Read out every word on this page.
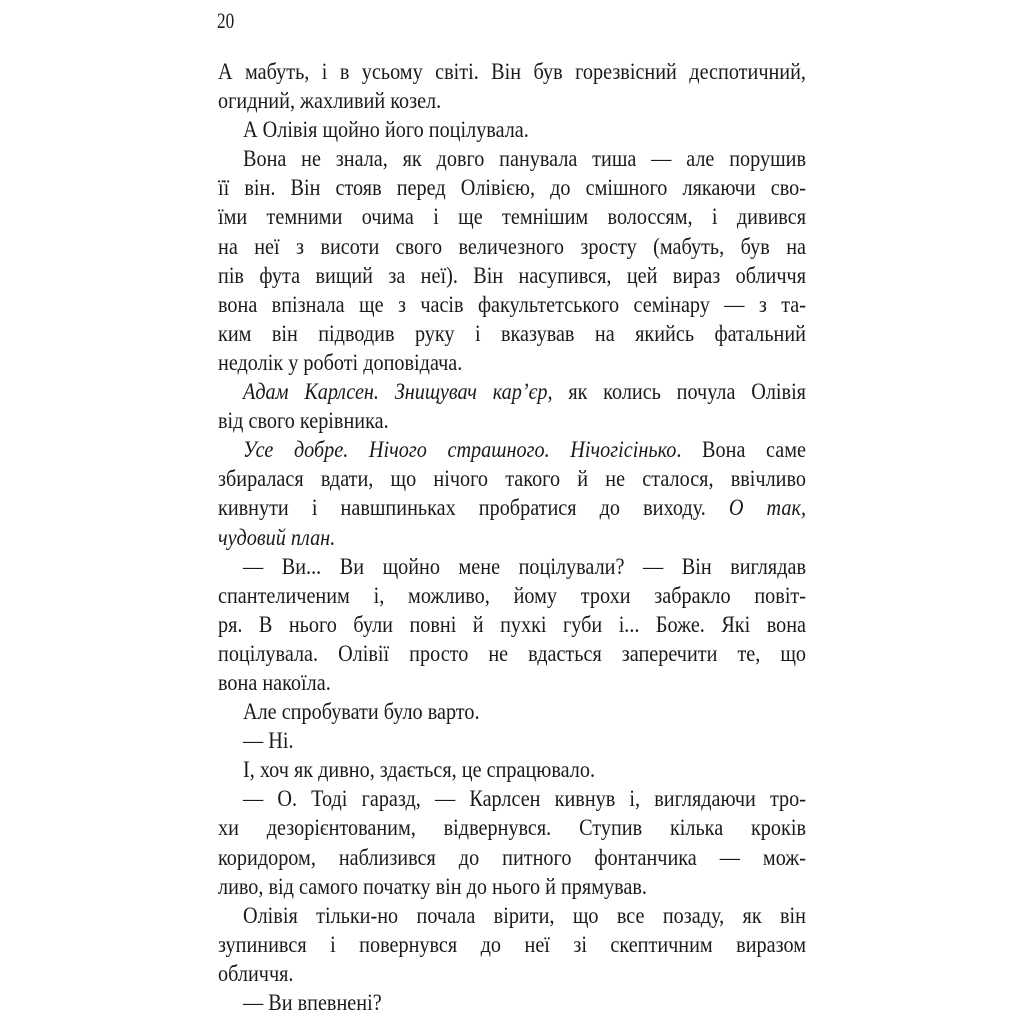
20
А мабуть, і в усьому світі. Він був горезвісний деспотичний,
огидний, жахливий козел.
А Олівія щойно його поцілувала.
Вона не знала, як довго панувала тиша — але порушив
її він. Він стояв перед Олівією, до смішного лякаючи сво-
їми темними очима і ще темнішим волоссям, і дивився
на неї з висоти свого величезного зросту (мабуть, був на
пів фута вищий за неї). Він насупився, цей вираз обличчя
вона впізнала ще з часів факультетського семінару — з та-
ким він підводив руку і вказував на якийсь фатальний
недолік у роботі доповідача.
Адам Карлсен. Знищувач кар’єр, як колись почула Олівія
від свого керівника.
Усе добре. Нічого страшного. Нічогісінько. Вона саме
збиралася вдати, що нічого такого й не сталося, ввічливо
кивнути і навшпиньках пробратися до виходу. О так,
чудовий план.
— Ви... Ви щойно мене поцілували? — Він виглядав
спантеличеним і, можливо, йому трохи забракло повіт-
ря. В нього були повні й пухкі губи і... Боже. Які вона
поцілувала. Олівії просто не вдасться заперечити те, що
вона накоїла.
Але спробувати було варто.
— Ні.
І, хоч як дивно, здається, це спрацювало.
— О. Тоді гаразд, — Карлсен кивнув і, виглядаючи тро-
хи дезорієнтованим, відвернувся. Ступив кілька кроків
коридором, наблизився до питного фонтанчика — мож-
ливо, від самого початку він до нього й прямував.
Олівія тільки-но почала вірити, що все позаду, як він
зупинився і повернувся до неї зі скептичним виразом
обличчя.
— Ви впевнені?
